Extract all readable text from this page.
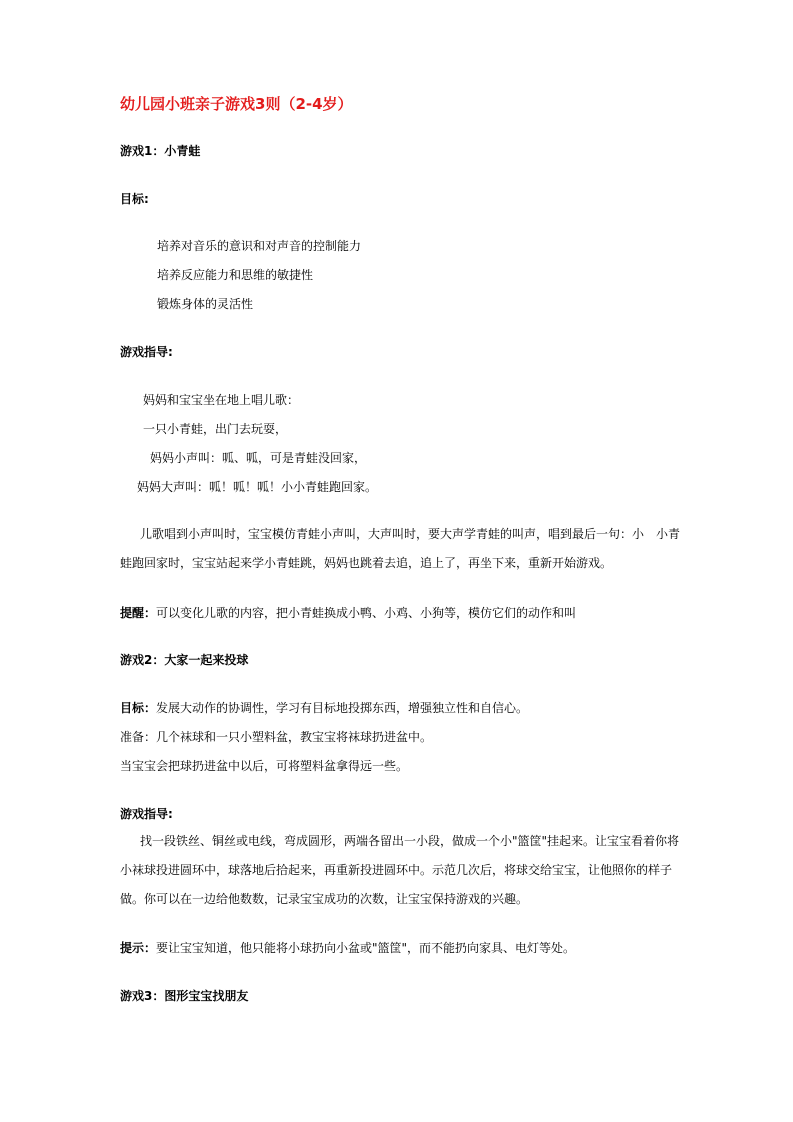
幼儿园小班亲子游戏3则（2-4岁）
游戏1：小青蛙
目标:
培养对音乐的意识和对声音的控制能力
培养反应能力和思维的敏捷性
锻炼身体的灵活性
游戏指导:
妈妈和宝宝坐在地上唱儿歌：
一只小青蛙，出门去玩耍，
妈妈小声叫：呱、呱，可是青蛙没回家，
妈妈大声叫：呱！呱！呱！小小青蛙跑回家。
儿歌唱到小声叫时，宝宝模仿青蛙小声叫，大声叫时，要大声学青蛙的叫声，唱到最后一句：小　小青蛙跑回家时，宝宝站起来学小青蛙跳，妈妈也跳着去追，追上了，再坐下来，重新开始游戏。
提醒：可以变化儿歌的内容，把小青蛙换成小鸭、小鸡、小狗等，模仿它们的动作和叫
游戏2：大家一起来投球
目标：发展大动作的协调性，学习有目标地投掷东西，增强独立性和自信心。
准备：几个袜球和一只小塑料盆，教宝宝将袜球扔进盆中。
当宝宝会把球扔进盆中以后，可将塑料盆拿得远一些。
游戏指导:
找一段铁丝、铜丝或电线，弯成圆形，两端各留出一小段，做成一个小"篮筐"挂起来。让宝宝看着你将小袜球投进圆环中，球落地后拾起来，再重新投进圆环中。示范几次后，将球交给宝宝，让他照你的样子做。你可以在一边给他数数，记录宝宝成功的次数，让宝宝保持游戏的兴趣。
提示：要让宝宝知道，他只能将小球扔向小盆或"篮筐"，而不能扔向家具、电灯等处。
游戏3：图形宝宝找朋友
